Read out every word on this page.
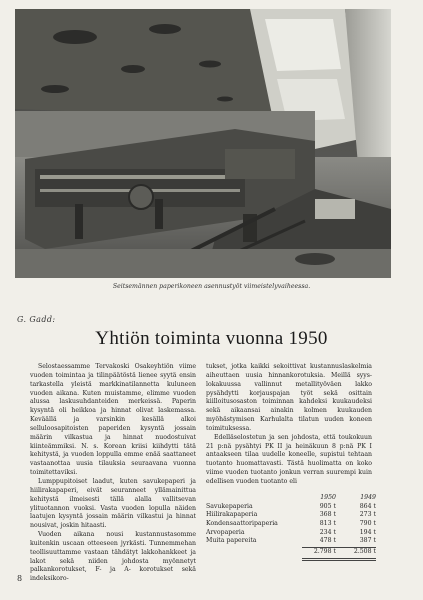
Seitsemännen paperikoneen asennustyöt viimeistelyvaiheessa.
G. Gadd:
Yhtiön toiminta vuonna 1950

Selostaessamme Tervakoski Osakeyhtiön viime vuoden toimintaa ja tilinpäätöstä lienee syytä ensin tarkastella yleistä markkinatilannetta kuluneen vuoden aikana. Kuten muistamme, elimme vuoden alussa laskusuhdanteiden merkeissä. Paperin kysyntä oli heikkoa ja hinnat olivat laskemassa. Keväällä ja varsinkin kesällä alkoi selluloosapitoisten paperiden kysyntä jossain määrin vilkastua ja hinnat nuodostuivat kiinteämmiksi. N. s. Korean kriisi kiihdytti tätä kehitystä, ja vuoden loppulla emme enää saattaneet vastaanottaa uusia tilauksia seuraavana vuonna toimitettaviksi.

Lumppupitoiset laadut, kuten savukepaperi ja hiilirakapaperi, eivät seuranneet yllämainittua kehitystä ilmeisesti tällä alalla vallitsevan ylituotannon vuoksi. Vasta vuoden lopulla näiden laatujen kysyntä jossain määrin vilkastui ja hinnat nousivat, joskin hitaasti.

Vuoden aikana nousi kustannustasomme kuitenkin uscaan otteeseen jyrkästi. Tunnemmehan teollisuuttamme vastaan tähdätyt lakkohankkeet ja lakot sekä niiden johdosta myönnetyt palkankorotukset, F- ja A- korotukset sekä indeksikoro-

tukset, jotka kaikki sekoittivat kustannuslaskelmia aiheuttaen uusia hinnankorotuksia. Meillä syys-lokakuussa vallinnut metallityöväen lakko pysähdytti korjauspajan työt sekä osittain kiilloitusosaston toiminnan kahdeksi kuukaudeksi sekä aikaansai ainakin kolmen kuukauden myöhästymisen Karhulalta tilatun uuden koneen toimituksessa.

Edelläselostetun ja sen johdosta, että toukokuun 21 p:nä pysähtyi PK II ja heinäkuun 8 p:nä PK I antaakseen tilaa uudelle koneelle, supistui tehtaan tuotanto huomattavasti. Tästä huolimatta on koko viime vuoden tuotanto jonkun verran suurempi kuin edellisen vuoden tuotanto eli

1950	1949
Savukepaperia	905 t	864 t
Hiilirakapaperia	368 t	273 t
Kondensaattoripaperia	813 t	790 t
Arvopaperia	234 t	194 t
Muita papereita	478 t	387 t
2.798 t	2.508 t
8
